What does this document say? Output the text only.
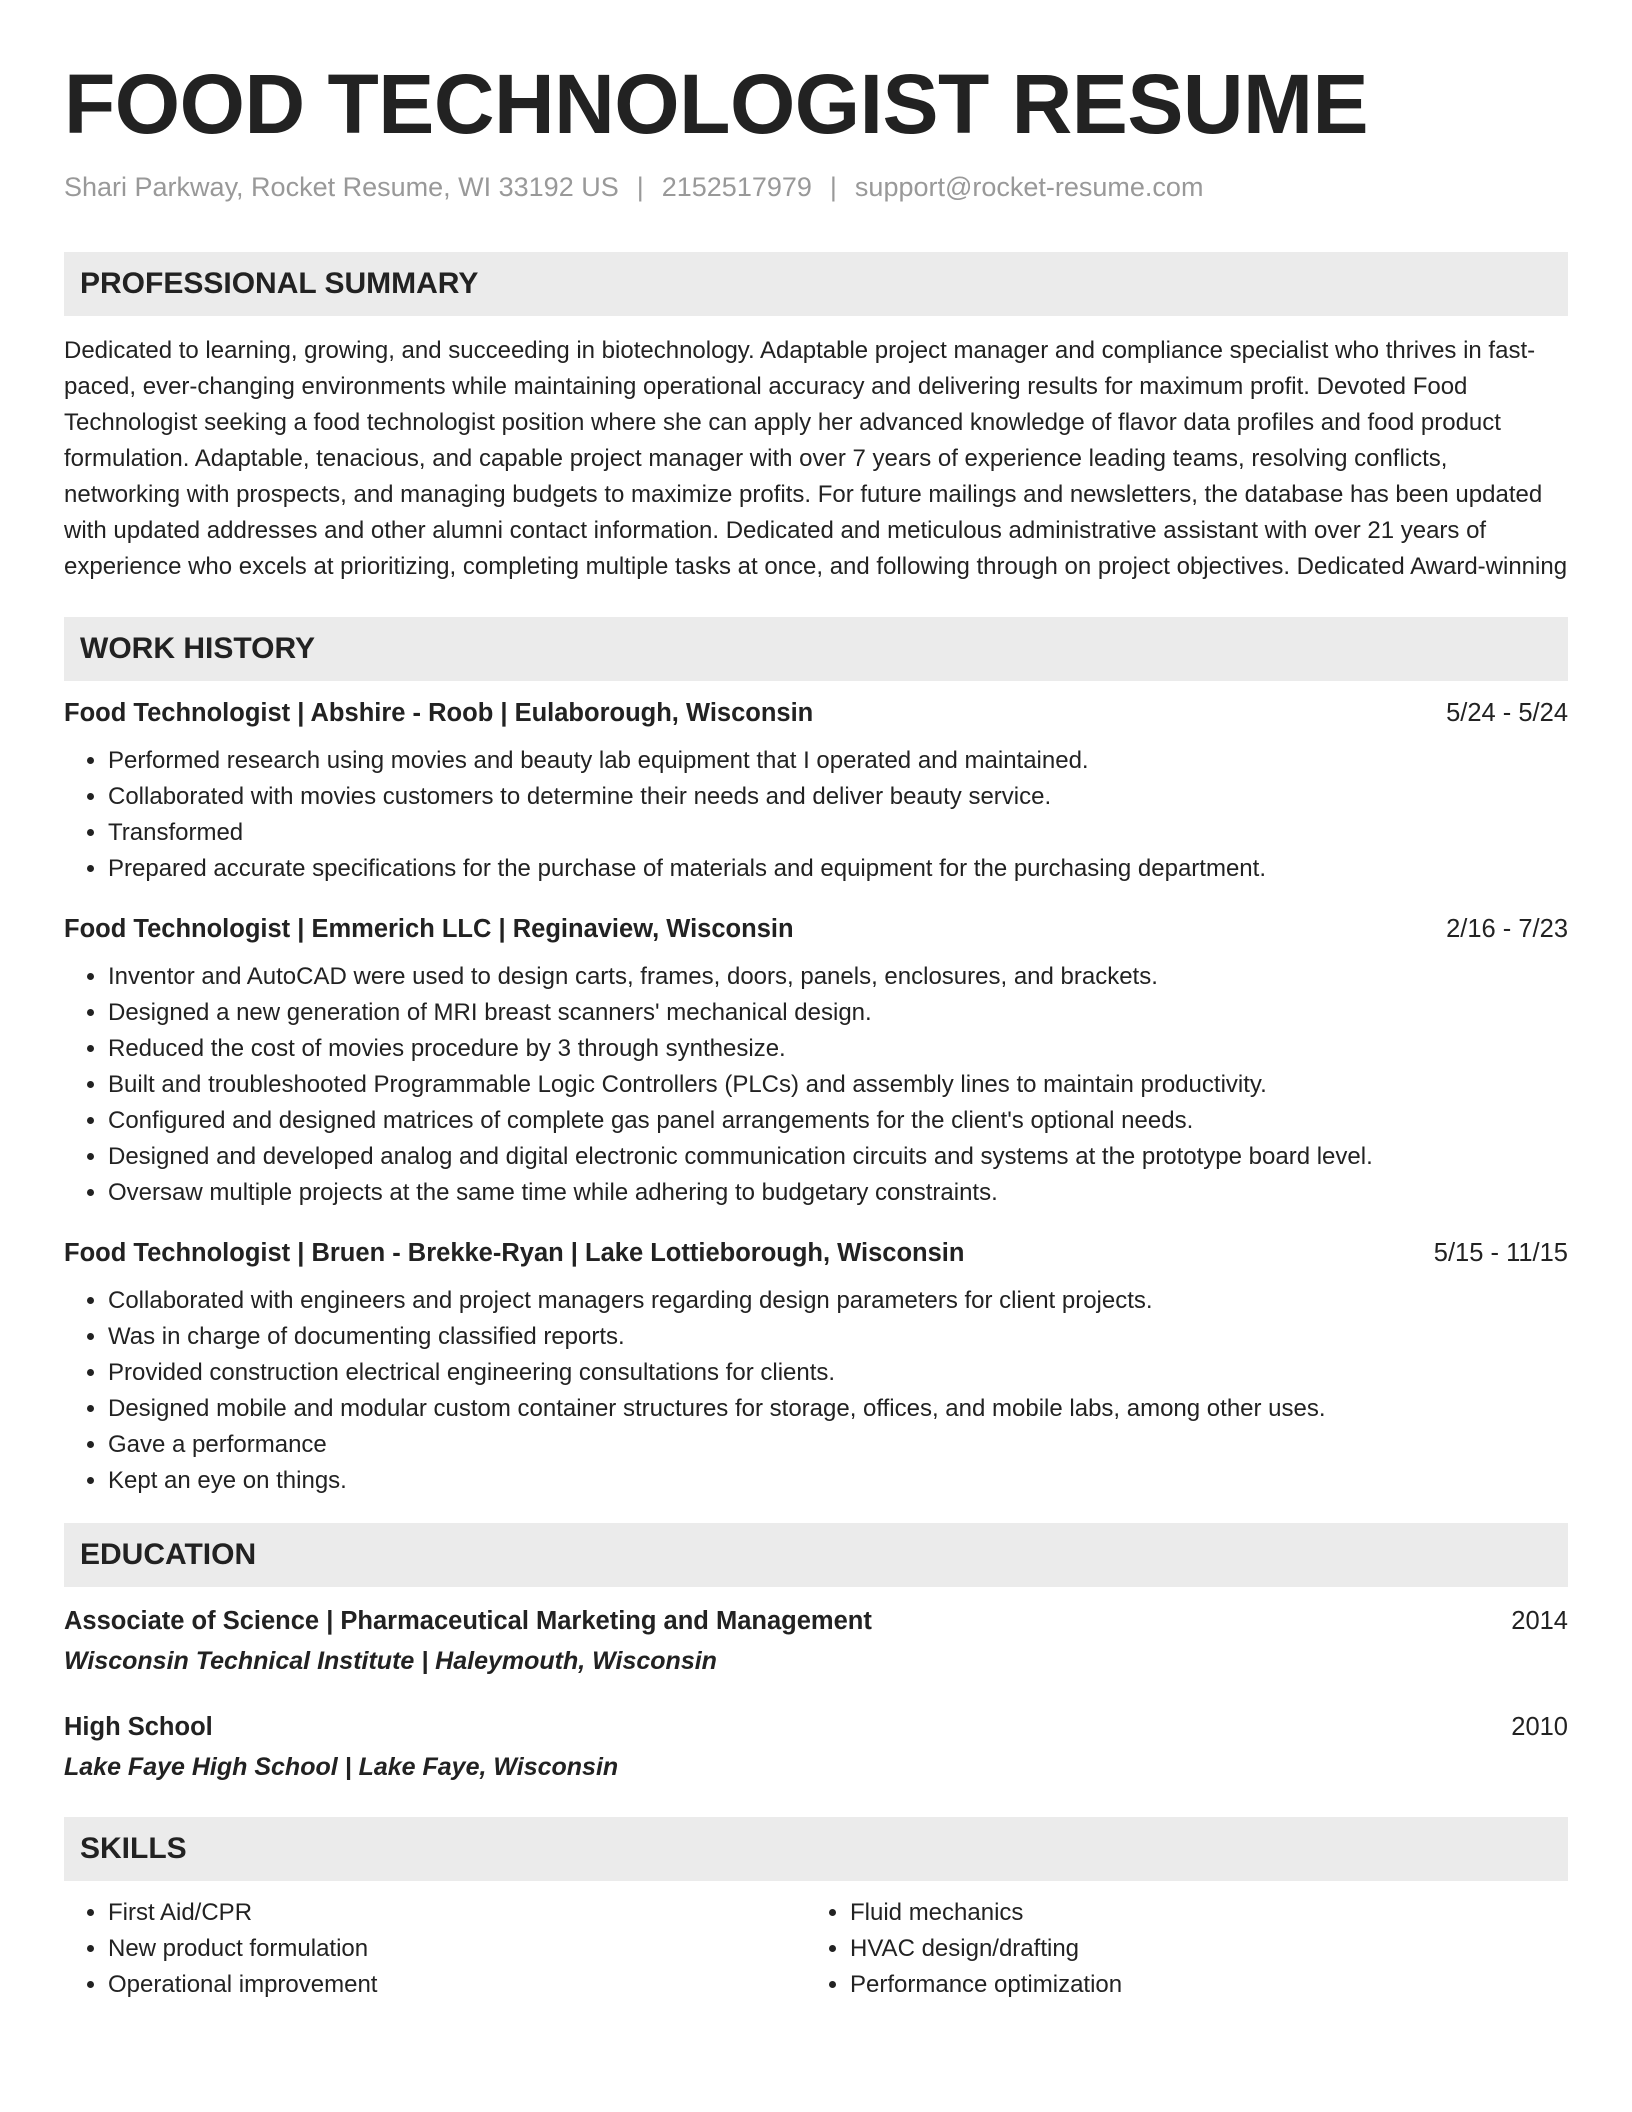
FOOD TECHNOLOGIST RESUME
Shari Parkway, Rocket Resume, WI 33192 US | 2152517979 | support@rocket-resume.com
PROFESSIONAL SUMMARY
Dedicated to learning, growing, and succeeding in biotechnology. Adaptable project manager and compliance specialist who thrives in fast-paced, ever-changing environments while maintaining operational accuracy and delivering results for maximum profit. Devoted Food Technologist seeking a food technologist position where she can apply her advanced knowledge of flavor data profiles and food product formulation. Adaptable, tenacious, and capable project manager with over 7 years of experience leading teams, resolving conflicts, networking with prospects, and managing budgets to maximize profits. For future mailings and newsletters, the database has been updated with updated addresses and other alumni contact information. Dedicated and meticulous administrative assistant with over 21 years of experience who excels at prioritizing, completing multiple tasks at once, and following through on project objectives. Dedicated Award-winning
WORK HISTORY
Food Technologist | Abshire - Roob | Eulaborough, Wisconsin	5/24 - 5/24
• Performed research using movies and beauty lab equipment that I operated and maintained.
• Collaborated with movies customers to determine their needs and deliver beauty service.
• Transformed
• Prepared accurate specifications for the purchase of materials and equipment for the purchasing department.
Food Technologist | Emmerich LLC | Reginaview, Wisconsin	2/16 - 7/23
• Inventor and AutoCAD were used to design carts, frames, doors, panels, enclosures, and brackets.
• Designed a new generation of MRI breast scanners' mechanical design.
• Reduced the cost of movies procedure by 3 through synthesize.
• Built and troubleshooted Programmable Logic Controllers (PLCs) and assembly lines to maintain productivity.
• Configured and designed matrices of complete gas panel arrangements for the client's optional needs.
• Designed and developed analog and digital electronic communication circuits and systems at the prototype board level.
• Oversaw multiple projects at the same time while adhering to budgetary constraints.
Food Technologist | Bruen - Brekke-Ryan | Lake Lottieborough, Wisconsin	5/15 - 11/15
• Collaborated with engineers and project managers regarding design parameters for client projects.
• Was in charge of documenting classified reports.
• Provided construction electrical engineering consultations for clients.
• Designed mobile and modular custom container structures for storage, offices, and mobile labs, among other uses.
• Gave a performance
• Kept an eye on things.
EDUCATION
Associate of Science | Pharmaceutical Marketing and Management	2014
Wisconsin Technical Institute | Haleymouth, Wisconsin
High School	2010
Lake Faye High School | Lake Faye, Wisconsin
SKILLS
• First Aid/CPR
• New product formulation
• Operational improvement
• Fluid mechanics
• HVAC design/drafting
• Performance optimization
